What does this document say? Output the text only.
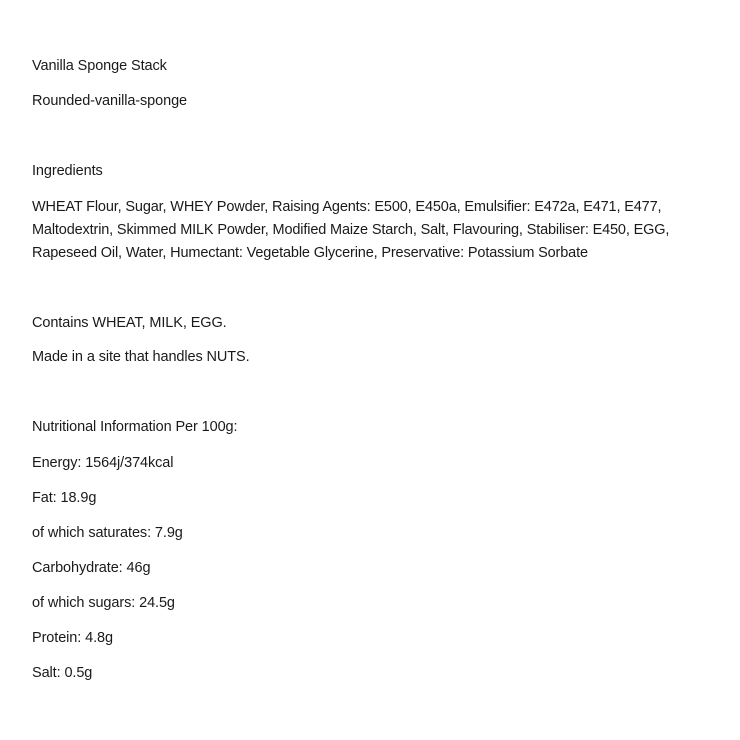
Vanilla Sponge Stack
Rounded-vanilla-sponge
Ingredients
WHEAT Flour, Sugar, WHEY Powder, Raising Agents: E500, E450a, Emulsifier: E472a, E471, E477,
Maltodextrin, Skimmed MILK Powder, Modified Maize Starch, Salt, Flavouring, Stabiliser: E450, EGG,
Rapeseed Oil, Water, Humectant: Vegetable Glycerine, Preservative: Potassium Sorbate
Contains WHEAT, MILK, EGG.
Made in a site that handles NUTS.
Nutritional Information Per 100g:
Energy: 1564j/374kcal
Fat: 18.9g
of which saturates: 7.9g
Carbohydrate: 46g
of which sugars: 24.5g
Protein: 4.8g
Salt: 0.5g
